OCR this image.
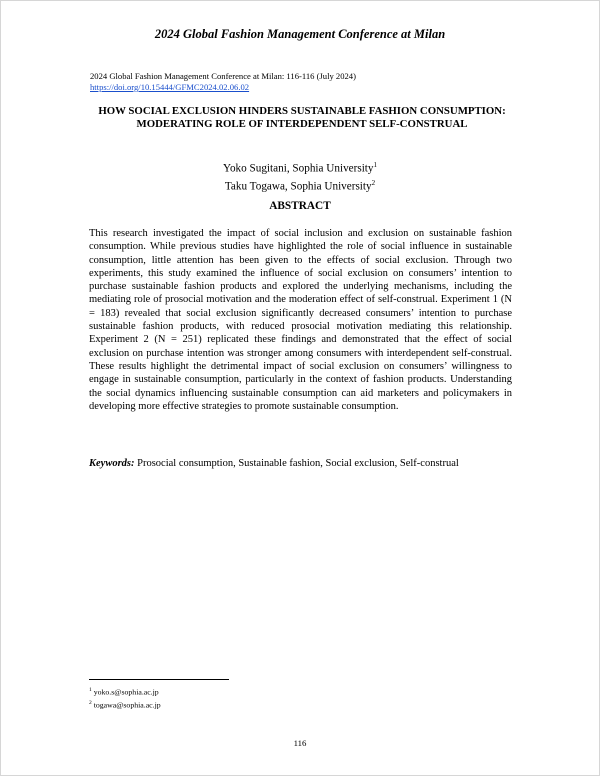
2024 Global Fashion Management Conference at Milan
2024 Global Fashion Management Conference at Milan: 116-116 (July 2024)
https://doi.org/10.15444/GFMC2024.02.06.02
HOW SOCIAL EXCLUSION HINDERS SUSTAINABLE FASHION CONSUMPTION: MODERATING ROLE OF INTERDEPENDENT SELF-CONSTRUAL
Yoko Sugitani, Sophia University$^1$
Taku Togawa, Sophia University$^2$
ABSTRACT
This research investigated the impact of social inclusion and exclusion on sustainable fashion consumption. While previous studies have highlighted the role of social influence in sustainable consumption, little attention has been given to the effects of social exclusion. Through two experiments, this study examined the influence of social exclusion on consumers’ intention to purchase sustainable fashion products and explored the underlying mechanisms, including the mediating role of prosocial motivation and the moderation effect of self-construal. Experiment 1 (N = 183) revealed that social exclusion significantly decreased consumers’ intention to purchase sustainable fashion products, with reduced prosocial motivation mediating this relationship. Experiment 2 (N = 251) replicated these findings and demonstrated that the effect of social exclusion on purchase intention was stronger among consumers with interdependent self-construal. These results highlight the detrimental impact of social exclusion on consumers’ willingness to engage in sustainable consumption, particularly in the context of fashion products. Understanding the social dynamics influencing sustainable consumption can aid marketers and policymakers in developing more effective strategies to promote sustainable consumption.
Keywords: Prosocial consumption, Sustainable fashion, Social exclusion, Self-construal
$^1$ yoko.s@sophia.ac.jp
$^2$ togawa@sophia.ac.jp
116
